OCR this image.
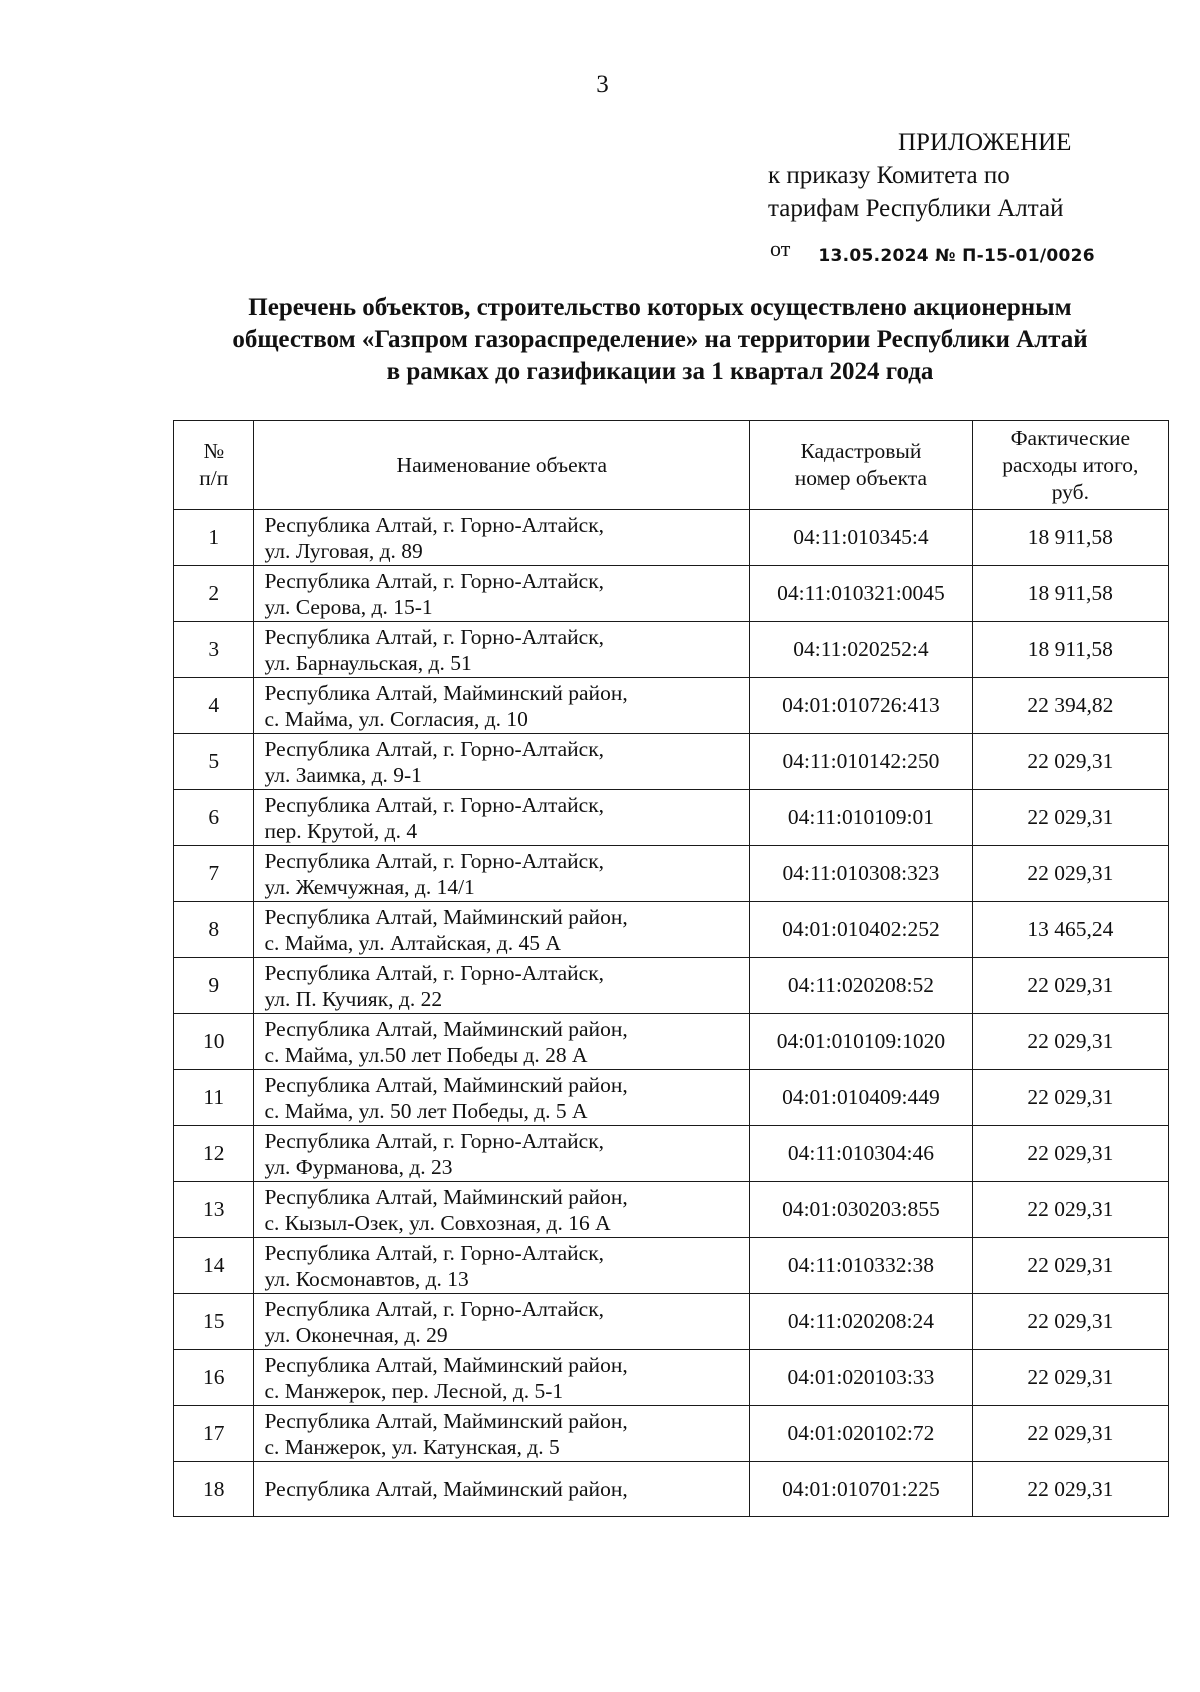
3
ПРИЛОЖЕНИЕ
к приказу Комитета по
тарифам Республики Алтай
от $_{13.05.2024 № П-15-01/0026}$
Перечень объектов, строительство которых осуществлено акционерным
обществом «Газпром газораспределение» на территории Республики Алтай
в рамках до газификации за 1 квартал 2024 года
№
п/п	Наименование объекта	Кадастровый
номер объекта	Фактические
расходы итого,
руб.
1	Республика Алтай, г. Горно-Алтайск,
ул. Луговая, д. 89	04:11:010345:4	18 911,58
2	Республика Алтай, г. Горно-Алтайск,
ул. Серова, д. 15-1	04:11:010321:0045	18 911,58
3	Республика Алтай, г. Горно-Алтайск,
ул. Барнаульская, д. 51	04:11:020252:4	18 911,58
4	Республика Алтай, Майминский район,
с. Майма, ул. Согласия, д. 10	04:01:010726:413	22 394,82
5	Республика Алтай, г. Горно-Алтайск,
ул. Заимка, д. 9-1	04:11:010142:250	22 029,31
6	Республика Алтай, г. Горно-Алтайск,
пер. Крутой, д. 4	04:11:010109:01	22 029,31
7	Республика Алтай, г. Горно-Алтайск,
ул. Жемчужная, д. 14/1	04:11:010308:323	22 029,31
8	Республика Алтай, Майминский район,
с. Майма, ул. Алтайская, д. 45 А	04:01:010402:252	13 465,24
9	Республика Алтай, г. Горно-Алтайск,
ул. П. Кучияк, д. 22	04:11:020208:52	22 029,31
10	Республика Алтай, Майминский район,
с. Майма, ул.50 лет Победы д. 28 А	04:01:010109:1020	22 029,31
11	Республика Алтай, Майминский район,
с. Майма, ул. 50 лет Победы, д. 5 А	04:01:010409:449	22 029,31
12	Республика Алтай, г. Горно-Алтайск,
ул. Фурманова, д. 23	04:11:010304:46	22 029,31
13	Республика Алтай, Майминский район,
с. Кызыл-Озек, ул. Совхозная, д. 16 А	04:01:030203:855	22 029,31
14	Республика Алтай, г. Горно-Алтайск,
ул. Космонавтов, д. 13	04:11:010332:38	22 029,31
15	Республика Алтай, г. Горно-Алтайск,
ул. Оконечная, д. 29	04:11:020208:24	22 029,31
16	Республика Алтай, Майминский район,
с. Манжерок, пер. Лесной, д. 5-1	04:01:020103:33	22 029,31
17	Республика Алтай, Майминский район,
с. Манжерок, ул. Катунская, д. 5	04:01:020102:72	22 029,31
18	Республика Алтай, Майминский район,	04:01:010701:225	22 029,31
